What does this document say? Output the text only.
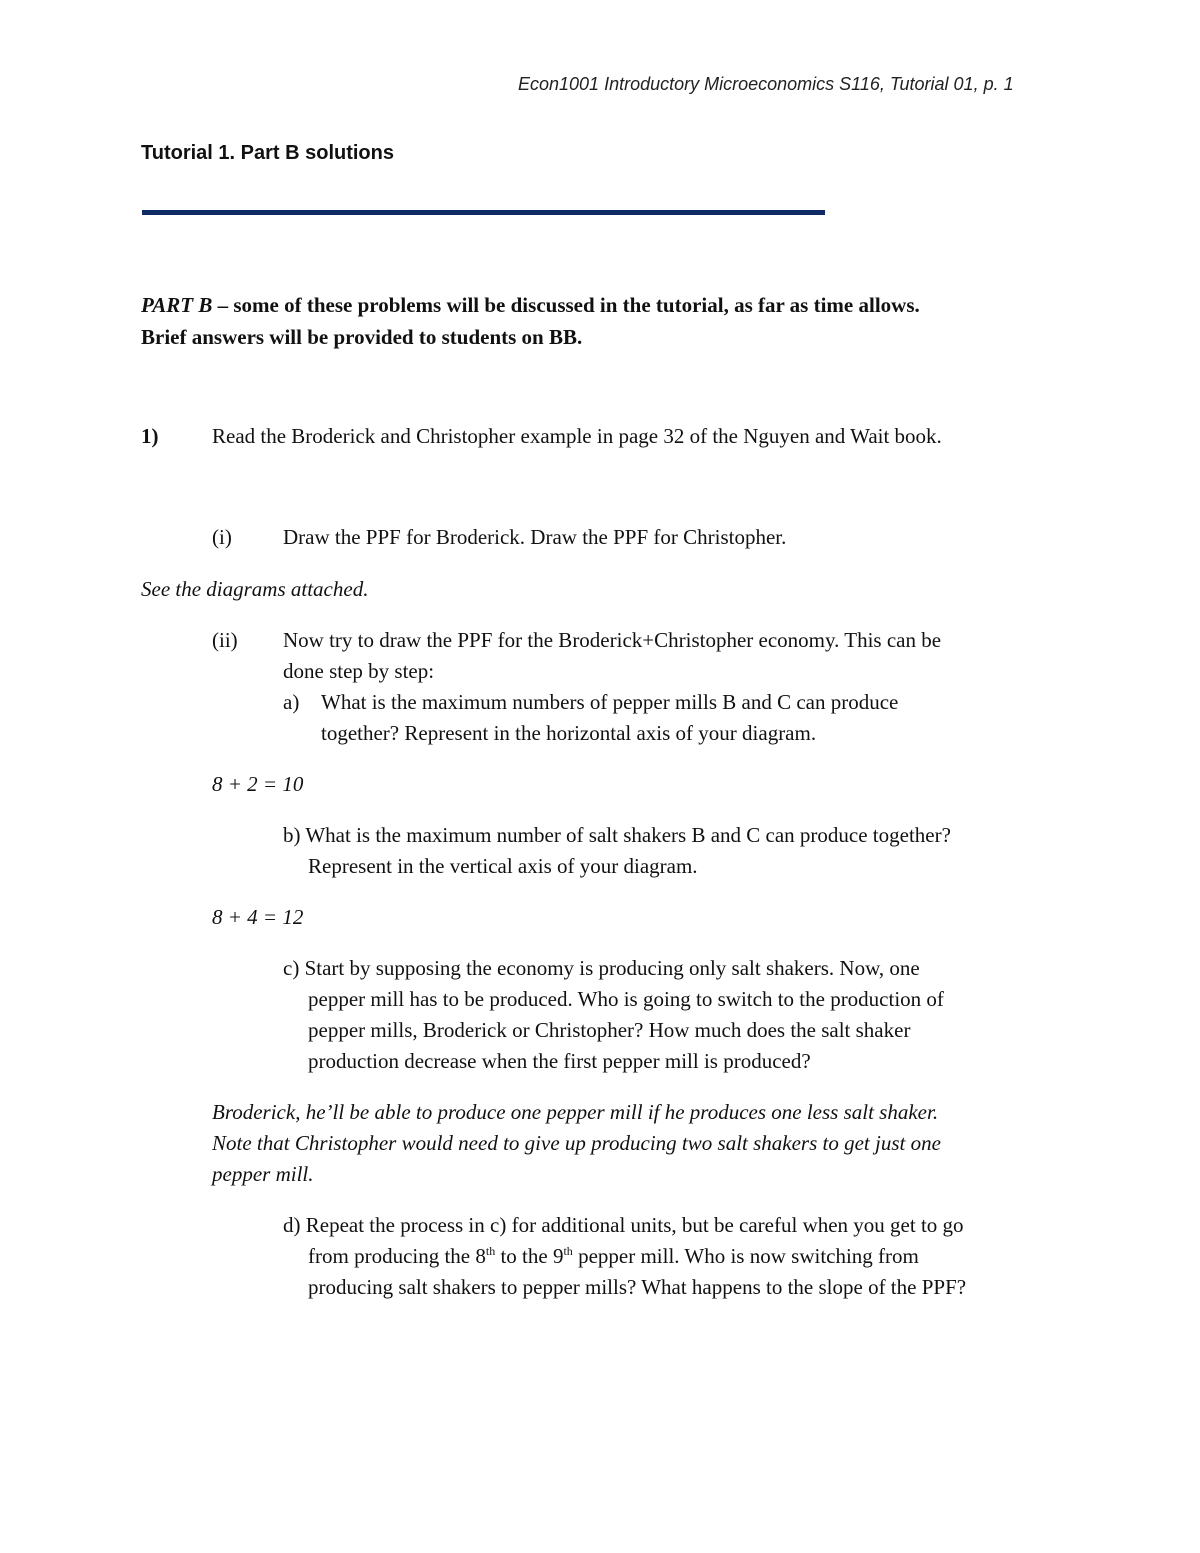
Econ1001 Introductory Microeconomics S116, Tutorial 01, p. 1
Tutorial 1. Part B solutions
PART B – some of these problems will be discussed in the tutorial, as far as time allows.
Brief answers will be provided to students on BB.
1)	Read the Broderick and Christopher example in page 32 of the Nguyen and Wait book.
(i) Draw the PPF for Broderick. Draw the PPF for Christopher.
See the diagrams attached.
(ii) Now try to draw the PPF for the Broderick+Christopher economy. This can be
done step by step:
a) What is the maximum numbers of pepper mills B and C can produce
together? Represent in the horizontal axis of your diagram.
8 + 2 = 10
b) What is the maximum number of salt shakers B and C can produce together?
Represent in the vertical axis of your diagram.
8 + 4 = 12
c) Start by supposing the economy is producing only salt shakers. Now, one
pepper mill has to be produced. Who is going to switch to the production of
pepper mills, Broderick or Christopher? How much does the salt shaker
production decrease when the first pepper mill is produced?
Broderick, he’ll be able to produce one pepper mill if he produces one less salt shaker.
Note that Christopher would need to give up producing two salt shakers to get just one
pepper mill.
d) Repeat the process in c) for additional units, but be careful when you get to go
from producing the 8th to the 9th pepper mill. Who is now switching from
producing salt shakers to pepper mills? What happens to the slope of the PPF?
